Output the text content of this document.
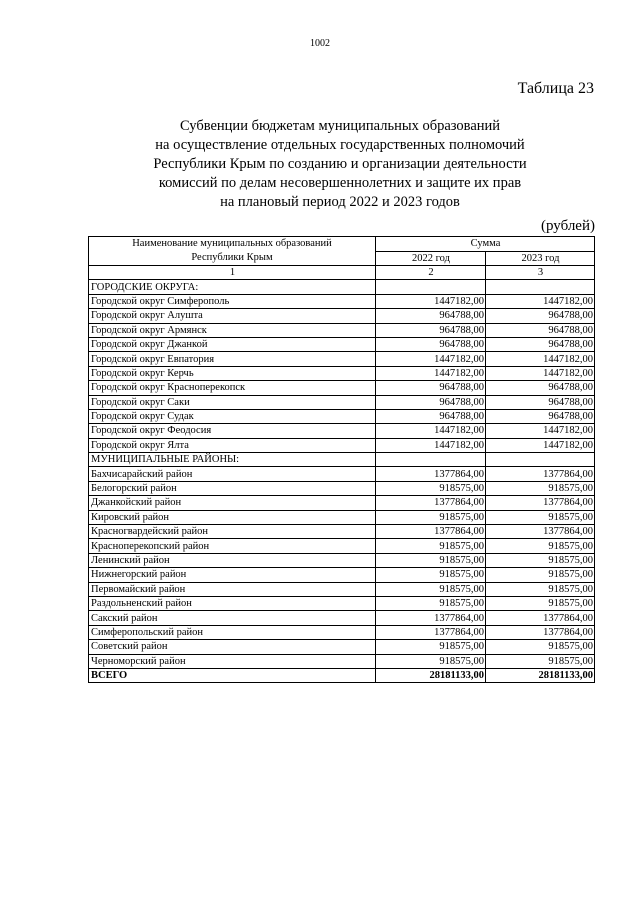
1002
Таблица 23
Субвенции бюджетам муниципальных образований
на осуществление отдельных государственных полномочий
Республики Крым по созданию и организации деятельности
комиссий по делам несовершеннолетних и защите их прав
на плановый период 2022 и 2023 годов
(рублей)
Наименование муниципальных образований Республики Крым	Сумма	
	2022 год	2023 год
1	2	3
ГОРОДСКИЕ ОКРУГА:		
Городской округ Симферополь	1447182,00	1447182,00
Городской округ Алушта	964788,00	964788,00
Городской округ Армянск	964788,00	964788,00
Городской округ Джанкой	964788,00	964788,00
Городской округ Евпатория	1447182,00	1447182,00
Городской округ Керчь	1447182,00	1447182,00
Городской округ Красноперекопск	964788,00	964788,00
Городской округ Саки	964788,00	964788,00
Городской округ Судак	964788,00	964788,00
Городской округ Феодосия	1447182,00	1447182,00
Городской округ Ялта	1447182,00	1447182,00
МУНИЦИПАЛЬНЫЕ РАЙОНЫ:		
Бахчисарайский район	1377864,00	1377864,00
Белогорский район	918575,00	918575,00
Джанкойский район	1377864,00	1377864,00
Кировский район	918575,00	918575,00
Красногвардейский район	1377864,00	1377864,00
Красноперекопский район	918575,00	918575,00
Ленинский район	918575,00	918575,00
Нижнегорский район	918575,00	918575,00
Первомайский район	918575,00	918575,00
Раздольненский район	918575,00	918575,00
Сакский район	1377864,00	1377864,00
Симферопольский район	1377864,00	1377864,00
Советский район	918575,00	918575,00
Черноморский район	918575,00	918575,00
ВСЕГО	28181133,00	28181133,00
